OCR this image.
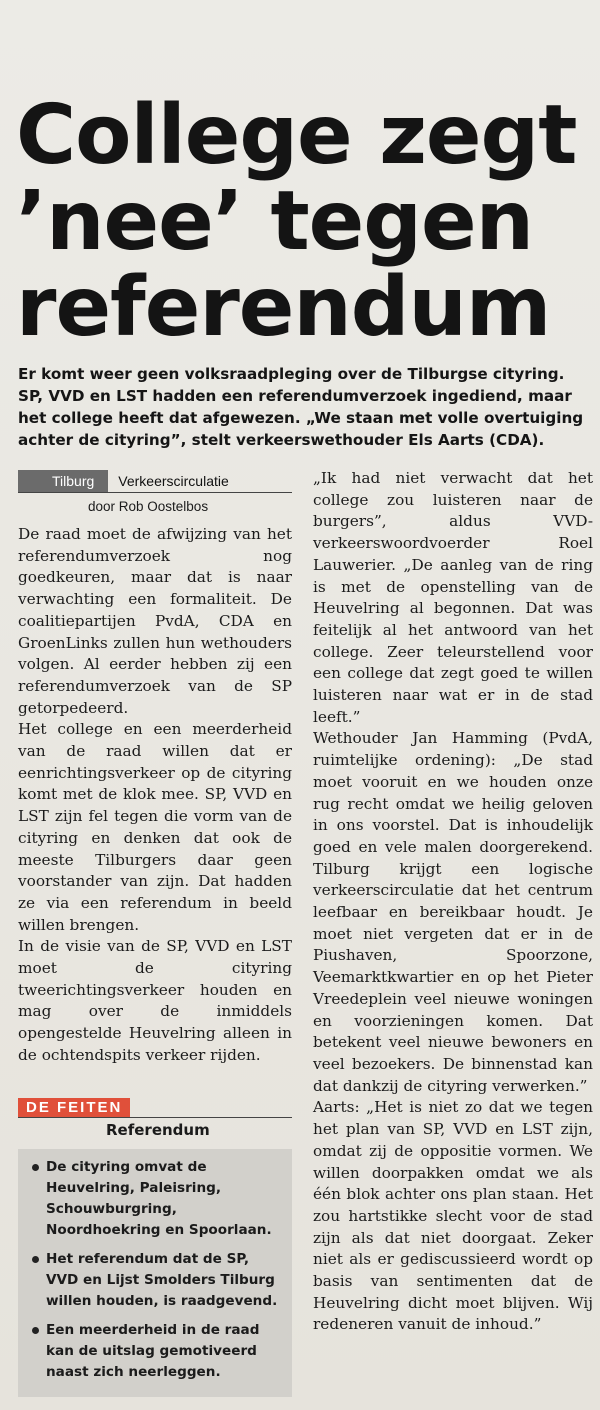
College zegt
’nee’ tegen
referendum
Er komt weer geen volksraadpleging over de Tilburgse cityring. SP, VVD en LST hadden een referendumverzoek ingediend, maar het college heeft dat afgewezen. „We staan met volle overtuiging achter de cityring”, stelt verkeerswethouder Els Aarts (CDA).
Tilburg	Verkeerscirculatie
door Rob Oostelbos

De raad moet de afwijzing van het referendumverzoek nog goedkeuren, maar dat is naar verwachting een formaliteit. De coalitiepartijen PvdA, CDA en GroenLinks zullen hun wethouders volgen. Al eerder hebben zij een referendumverzoek van de SP getorpedeerd.

Het college en een meerderheid van de raad willen dat er eenrichtingsverkeer op de cityring komt met de klok mee. SP, VVD en LST zijn fel tegen die vorm van de cityring en denken dat ook de meeste Tilburgers daar geen voorstander van zijn. Dat hadden ze via een referendum in beeld willen brengen.

In de visie van de SP, VVD en LST moet de cityring tweerichtingsverkeer houden en mag over de inmiddels opengestelde Heuvelring alleen in de ochtendspits verkeer rijden.

DE FEITEN
Referendum
De cityring omvat de Heuvelring, Paleisring, Schouwburgring, Noordhoekring en Spoorlaan.
Het referendum dat de SP, VVD en Lijst Smolders Tilburg willen houden, is raadgevend.
Een meerderheid in de raad kan de uitslag gemotiveerd naast zich neerleggen.

„Ik had niet verwacht dat het college zou luisteren naar de burgers”, aldus VVD-verkeerswoordvoerder Roel Lauwerier. „De aanleg van de ring is met de openstelling van de Heuvelring al begonnen. Dat was feitelijk al het antwoord van het college. Zeer teleurstellend voor een college dat zegt goed te willen luisteren naar wat er in de stad leeft.”

Wethouder Jan Hamming (PvdA, ruimtelijke ordening): „De stad moet vooruit en we houden onze rug recht omdat we heilig geloven in ons voorstel. Dat is inhoudelijk goed en vele malen doorgerekend. Tilburg krijgt een logische verkeerscirculatie dat het centrum leefbaar en bereikbaar houdt. Je moet niet vergeten dat er in de Piushaven, Spoorzone, Veemarktkwartier en op het Pieter Vreedeplein veel nieuwe woningen en voorzieningen komen. Dat betekent veel nieuwe bewoners en veel bezoekers. De binnenstad kan dat dankzij de cityring verwerken.”

Aarts: „Het is niet zo dat we tegen het plan van SP, VVD en LST zijn, omdat zij de oppositie vormen. We willen doorpakken omdat we als één blok achter ons plan staan. Het zou hartstikke slecht voor de stad zijn als dat niet doorgaat. Zeker niet als er gediscussieerd wordt op basis van sentimenten dat de Heuvelring dicht moet blijven. Wij redeneren vanuit de inhoud.”
